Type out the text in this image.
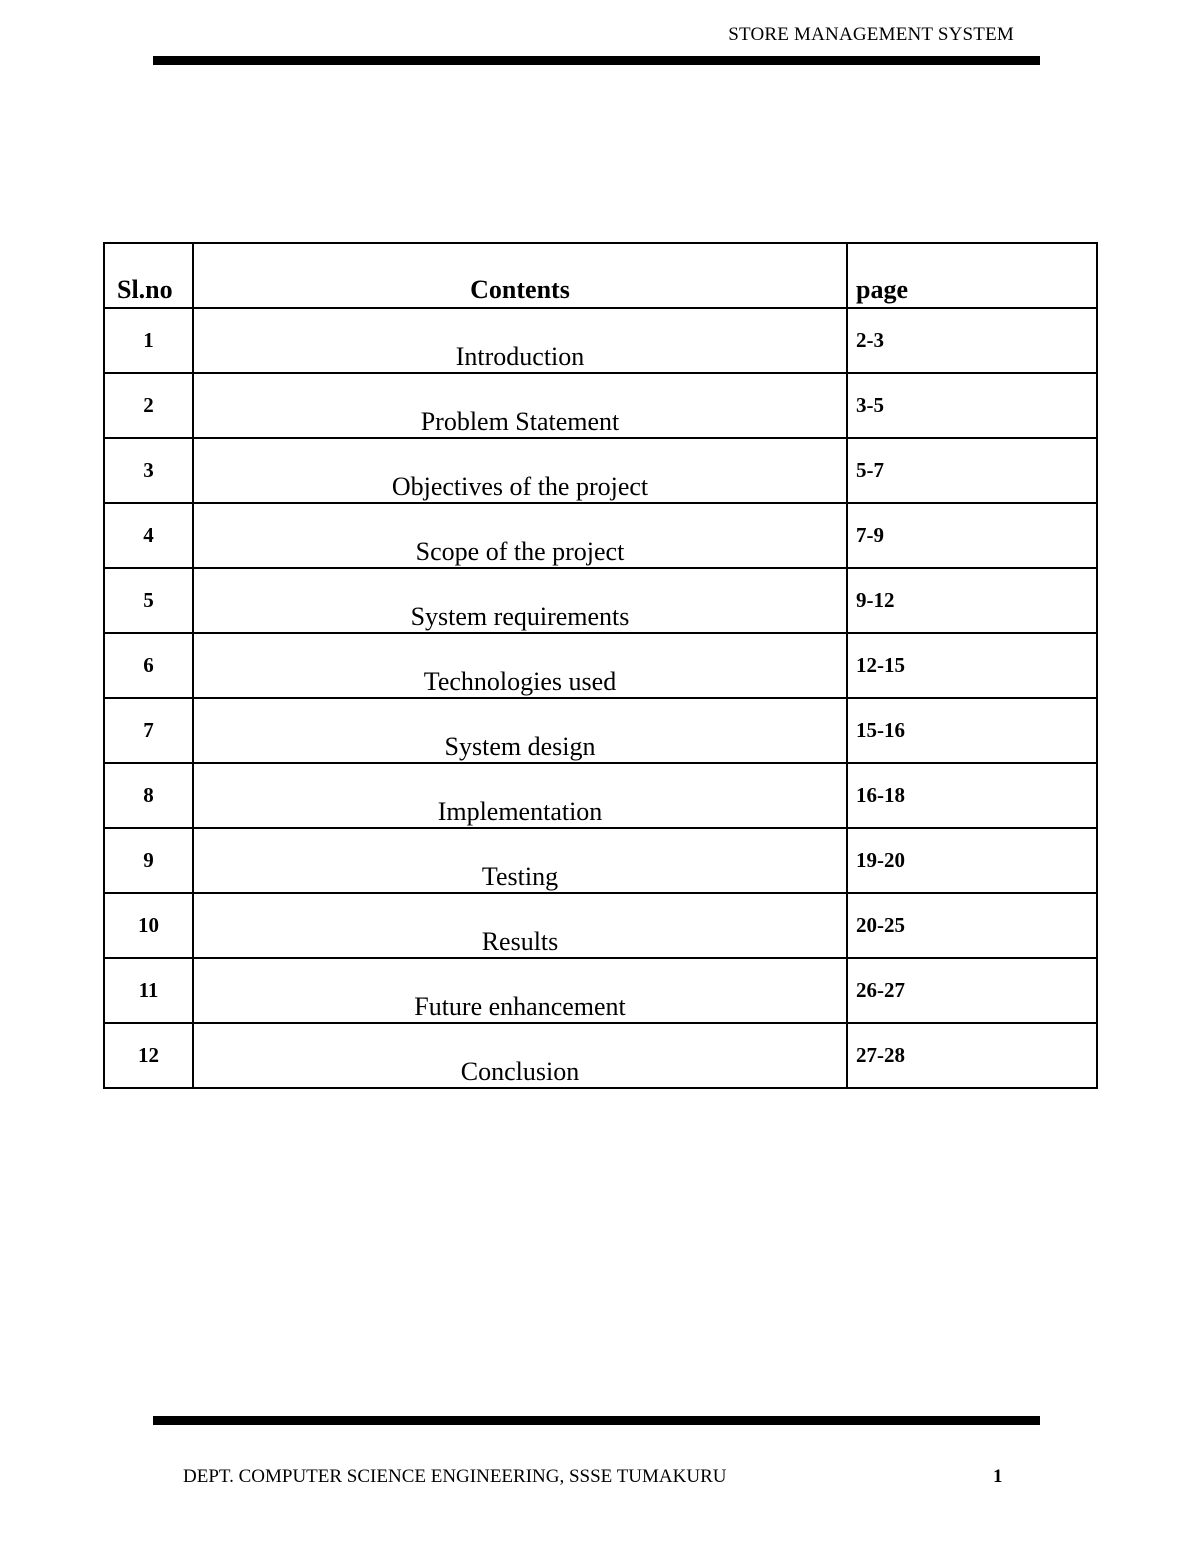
STORE MANAGEMENT SYSTEM
Sl.no	Contents	page
1	Introduction	2-3
2	Problem Statement	3-5
3	Objectives of the project	5-7
4	Scope of the project	7-9
5	System requirements	9-12
6	Technologies used	12-15
7	System design	15-16
8	Implementation	16-18
9	Testing	19-20
10	Results	20-25
11	Future enhancement	26-27
12	Conclusion	27-28
DEPT. COMPUTER SCIENCE ENGINEERING, SSSE TUMAKURU	1
